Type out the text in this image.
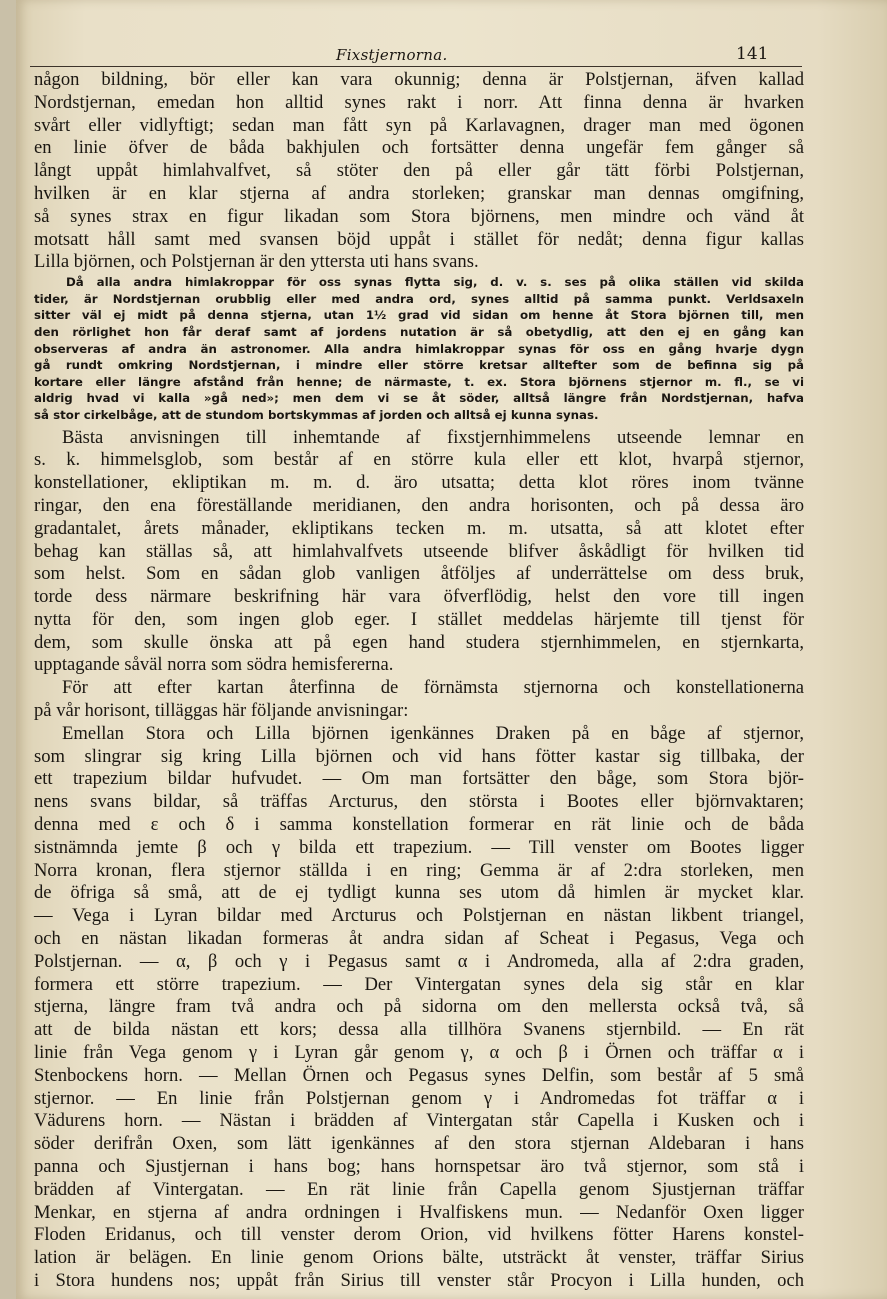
Fixstjernorna.	141
någon bildning, bör eller kan vara okunnig; denna är Polstjernan, äfven kallad
Nordstjernan, emedan hon alltid synes rakt i norr. Att finna denna är hvarken
svårt eller vidlyftigt; sedan man fått syn på Karlavagnen, drager man med ögonen
en linie öfver de båda bakhjulen och fortsätter denna ungefär fem gånger så
långt uppåt himlahvalfvet, så stöter den på eller går tätt förbi Polstjernan,
hvilken är en klar stjerna af andra storleken; granskar man dennas omgifning,
så synes strax en figur likadan som Stora björnens, men mindre och vänd åt
motsatt håll samt med svansen böjd uppåt i stället för nedåt; denna figur kallas
Lilla björnen, och Polstjernan är den yttersta uti hans svans.
Då alla andra himlakroppar för oss synas flytta sig, d. v. s. ses på olika ställen vid skilda
tider, är Nordstjernan orubblig eller med andra ord, synes alltid på samma punkt. Verldsaxeln
sitter väl ej midt på denna stjerna, utan 1½ grad vid sidan om henne åt Stora björnen till, men
den rörlighet hon får deraf samt af jordens nutation är så obetydlig, att den ej en gång kan
observeras af andra än astronomer. Alla andra himlakroppar synas för oss en gång hvarje dygn
gå rundt omkring Nordstjernan, i mindre eller större kretsar alltefter som de befinna sig på
kortare eller längre afstånd från henne; de närmaste, t. ex. Stora björnens stjernor m. fl., se vi
aldrig hvad vi kalla »gå ned»; men dem vi se åt söder, alltså längre från Nordstjernan, hafva
så stor cirkelbåge, att de stundom bortskymmas af jorden och alltså ej kunna synas.
Bästa anvisningen till inhemtande af fixstjernhimmelens utseende lemnar en
s. k. himmelsglob, som består af en större kula eller ett klot, hvarpå stjernor,
konstellationer, ekliptikan m. m. d. äro utsatta; detta klot röres inom tvänne
ringar, den ena föreställande meridianen, den andra horisonten, och på dessa äro
gradantalet, årets månader, ekliptikans tecken m. m. utsatta, så att klotet efter
behag kan ställas så, att himlahvalfvets utseende blifver åskådligt för hvilken tid
som helst. Som en sådan glob vanligen åtföljes af underrättelse om dess bruk,
torde dess närmare beskrifning här vara öfverflödig, helst den vore till ingen
nytta för den, som ingen glob eger. I stället meddelas härjemte till tjenst för
dem, som skulle önska att på egen hand studera stjernhimmelen, en stjernkarta,
upptagande såväl norra som södra hemisfererna.
För att efter kartan återfinna de förnämsta stjernorna och konstellationerna
på vår horisont, tilläggas här följande anvisningar:
Emellan Stora och Lilla björnen igenkännes Draken på en båge af stjernor,
som slingrar sig kring Lilla björnen och vid hans fötter kastar sig tillbaka, der
ett trapezium bildar hufvudet. — Om man fortsätter den båge, som Stora björ-
nens svans bildar, så träffas Arcturus, den största i Bootes eller björnvaktaren;
denna med ε och δ i samma konstellation formerar en rät linie och de båda
sistnämnda jemte β och γ bilda ett trapezium. — Till venster om Bootes ligger
Norra kronan, flera stjernor ställda i en ring; Gemma är af 2:dra storleken, men
de öfriga så små, att de ej tydligt kunna ses utom då himlen är mycket klar.
— Vega i Lyran bildar med Arcturus och Polstjernan en nästan likbent triangel,
och en nästan likadan formeras åt andra sidan af Scheat i Pegasus, Vega och
Polstjernan. — α, β och γ i Pegasus samt α i Andromeda, alla af 2:dra graden,
formera ett större trapezium. — Der Vintergatan synes dela sig står en klar
stjerna, längre fram två andra och på sidorna om den mellersta också två, så
att de bilda nästan ett kors; dessa alla tillhöra Svanens stjernbild. — En rät
linie från Vega genom γ i Lyran går genom γ, α och β i Örnen och träffar α i
Stenbockens horn. — Mellan Örnen och Pegasus synes Delfin, som består af 5 små
stjernor. — En linie från Polstjernan genom γ i Andromedas fot träffar α i
Vädurens horn. — Nästan i brädden af Vintergatan står Capella i Kusken och i
söder derifrån Oxen, som lätt igenkännes af den stora stjernan Aldebaran i hans
panna och Sjustjernan i hans bog; hans hornspetsar äro två stjernor, som stå i
brädden af Vintergatan. — En rät linie från Capella genom Sjustjernan träffar
Menkar, en stjerna af andra ordningen i Hvalfiskens mun. — Nedanför Oxen ligger
Floden Eridanus, och till venster derom Orion, vid hvilkens fötter Harens konstel-
lation är belägen. En linie genom Orions bälte, utsträckt åt venster, träffar Sirius
i Stora hundens nos; uppåt från Sirius till venster står Procyon i Lilla hunden, och
